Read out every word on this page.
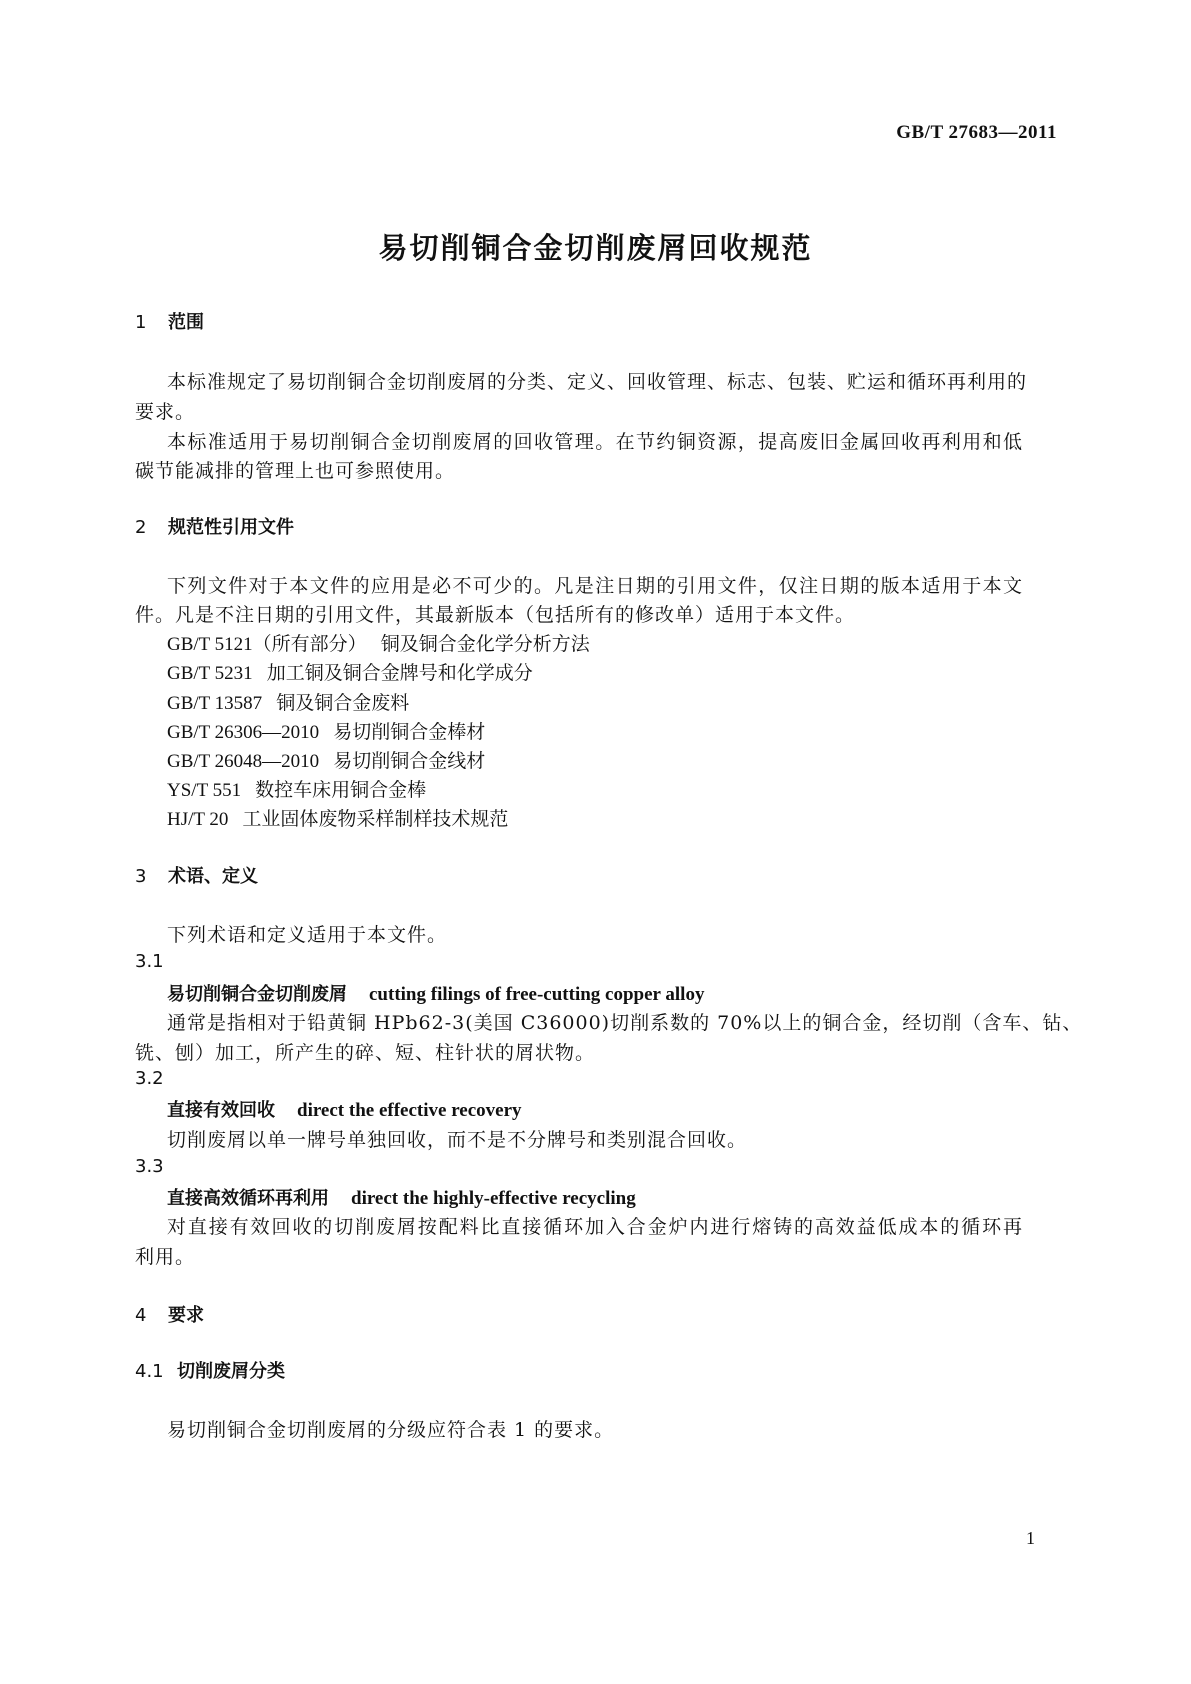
GB/T 27683—2011
易切削铜合金切削废屑回收规范
1 范围
本标准规定了易切削铜合金切削废屑的分类、定义、回收管理、标志、包装、贮运和循环再利用的
要求。
本标准适用于易切削铜合金切削废屑的回收管理。在节约铜资源，提高废旧金属回收再利用和低
碳节能减排的管理上也可参照使用。
2 规范性引用文件
下列文件对于本文件的应用是必不可少的。凡是注日期的引用文件，仅注日期的版本适用于本文
件。凡是不注日期的引用文件，其最新版本（包括所有的修改单）适用于本文件。
GB/T 5121（所有部分） 铜及铜合金化学分析方法
GB/T 5231 加工铜及铜合金牌号和化学成分
GB/T 13587 铜及铜合金废料
GB/T 26306—2010 易切削铜合金棒材
GB/T 26048—2010 易切削铜合金线材
YS/T 551 数控车床用铜合金棒
HJ/T 20 工业固体废物采样制样技术规范
3 术语、定义
下列术语和定义适用于本文件。
3.1
易切削铜合金切削废屑 cutting filings of free-cutting copper alloy
通常是指相对于铅黄铜 HPb62-3(美国 C36000)切削系数的 70%以上的铜合金，经切削（含车、钻、
铣、刨）加工，所产生的碎、短、柱针状的屑状物。
3.2
直接有效回收 direct the effective recovery
切削废屑以单一牌号单独回收，而不是不分牌号和类别混合回收。
3.3
直接高效循环再利用 direct the highly-effective recycling
对直接有效回收的切削废屑按配料比直接循环加入合金炉内进行熔铸的高效益低成本的循环再
利用。
4 要求
4.1 切削废屑分类
易切削铜合金切削废屑的分级应符合表 1 的要求。
1
